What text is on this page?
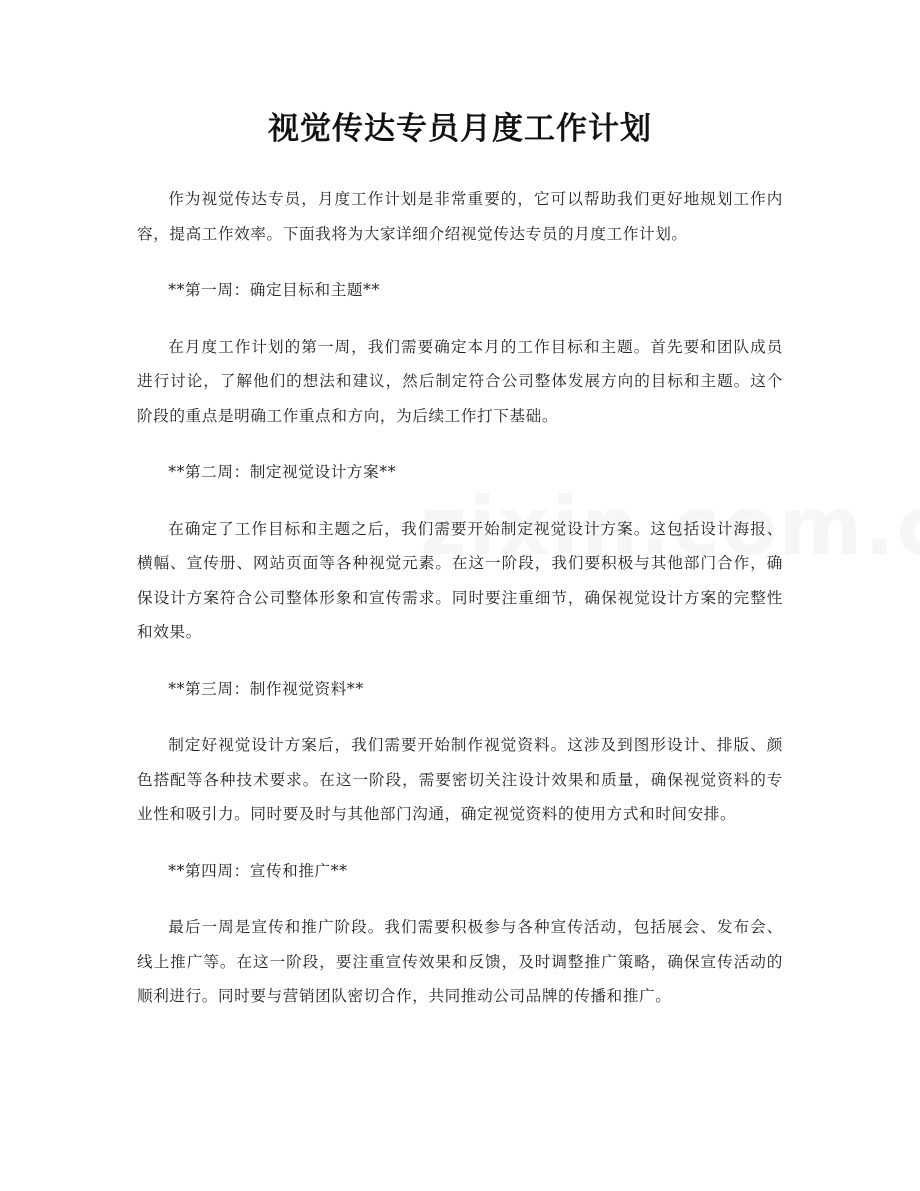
视觉传达专员月度工作计划

作为视觉传达专员，月度工作计划是非常重要的，它可以帮助我们更好地规划工作内容，提高工作效率。下面我将为大家详细介绍视觉传达专员的月度工作计划。

**第一周：确定目标和主题**

在月度工作计划的第一周，我们需要确定本月的工作目标和主题。首先要和团队成员进行讨论，了解他们的想法和建议，然后制定符合公司整体发展方向的目标和主题。这个阶段的重点是明确工作重点和方向，为后续工作打下基础。

**第二周：制定视觉设计方案**

在确定了工作目标和主题之后，我们需要开始制定视觉设计方案。这包括设计海报、横幅、宣传册、网站页面等各种视觉元素。在这一阶段，我们要积极与其他部门合作，确保设计方案符合公司整体形象和宣传需求。同时要注重细节，确保视觉设计方案的完整性和效果。

**第三周：制作视觉资料**

制定好视觉设计方案后，我们需要开始制作视觉资料。这涉及到图形设计、排版、颜色搭配等各种技术要求。在这一阶段，需要密切关注设计效果和质量，确保视觉资料的专业性和吸引力。同时要及时与其他部门沟通，确定视觉资料的使用方式和时间安排。

**第四周：宣传和推广**

最后一周是宣传和推广阶段。我们需要积极参与各种宣传活动，包括展会、发布会、线上推广等。在这一阶段，要注重宣传效果和反馈，及时调整推广策略，确保宣传活动的顺利进行。同时要与营销团队密切合作，共同推动公司品牌的传播和推广。
